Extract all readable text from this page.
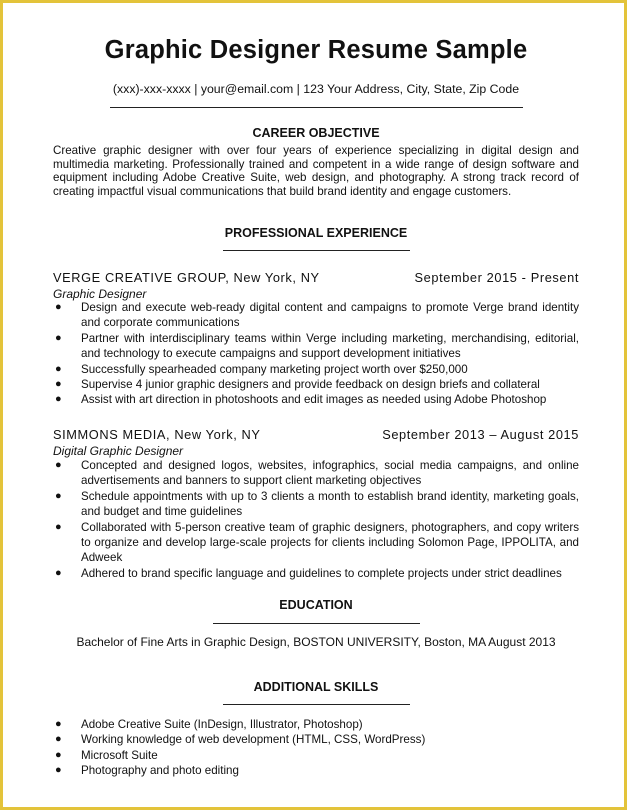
Graphic Designer Resume Sample
(xxx)-xxx-xxxx | your@email.com | 123 Your Address, City, State, Zip Code
CAREER OBJECTIVE
Creative graphic designer with over four years of experience specializing in digital design and multimedia marketing. Professionally trained and competent in a wide range of design software and equipment including Adobe Creative Suite, web design, and photography. A strong track record of creating impactful visual communications that build brand identity and engage customers.
PROFESSIONAL EXPERIENCE
VERGE CREATIVE GROUP, New York, NY	September 2015 - Present
Graphic Designer
● Design and execute web-ready digital content and campaigns to promote Verge brand identity and corporate communications
● Partner with interdisciplinary teams within Verge including marketing, merchandising, editorial, and technology to execute campaigns and support development initiatives
● Successfully spearheaded company marketing project worth over $250,000
● Supervise 4 junior graphic designers and provide feedback on design briefs and collateral
● Assist with art direction in photoshoots and edit images as needed using Adobe Photoshop
SIMMONS MEDIA, New York, NY	September 2013 – August 2015
Digital Graphic Designer
● Concepted and designed logos, websites, infographics, social media campaigns, and online advertisements and banners to support client marketing objectives
● Schedule appointments with up to 3 clients a month to establish brand identity, marketing goals, and budget and time guidelines
● Collaborated with 5-person creative team of graphic designers, photographers, and copy writers to organize and develop large-scale projects for clients including Solomon Page, IPPOLITA, and Adweek
● Adhered to brand specific language and guidelines to complete projects under strict deadlines
EDUCATION
Bachelor of Fine Arts in Graphic Design, BOSTON UNIVERSITY, Boston, MA August 2013
ADDITIONAL SKILLS
● Adobe Creative Suite (InDesign, Illustrator, Photoshop)
● Working knowledge of web development (HTML, CSS, WordPress)
● Microsoft Suite
● Photography and photo editing
